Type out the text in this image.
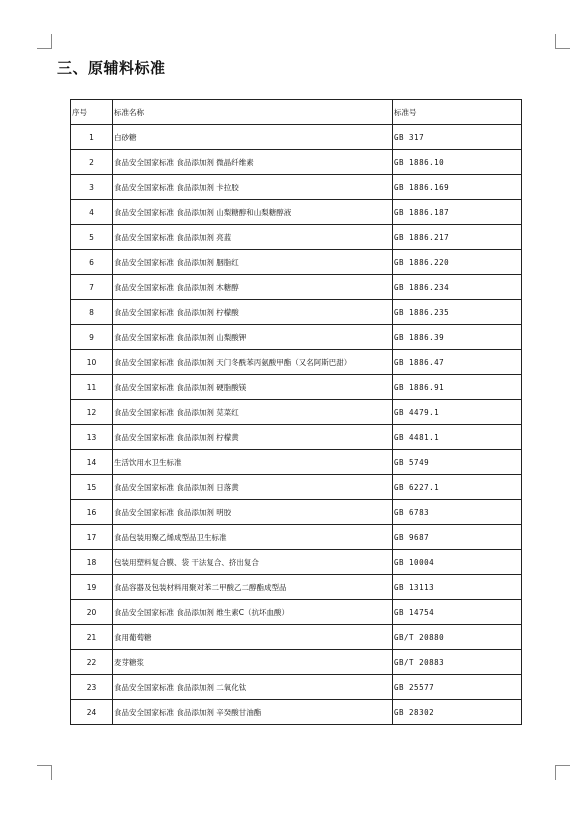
三、原辅料标准
序号	标准名称	标准号
1	白砂糖	GB 317
2	食品安全国家标准 食品添加剂 微晶纤维素	GB 1886.10
3	食品安全国家标准 食品添加剂 卡拉胶	GB 1886.169
4	食品安全国家标准 食品添加剂 山梨糖醇和山梨糖醇液	GB 1886.187
5	食品安全国家标准 食品添加剂 亮蓝	GB 1886.217
6	食品安全国家标准 食品添加剂 胭脂红	GB 1886.220
7	食品安全国家标准 食品添加剂 木糖醇	GB 1886.234
8	食品安全国家标准 食品添加剂 柠檬酸	GB 1886.235
9	食品安全国家标准 食品添加剂 山梨酸钾	GB 1886.39
10	食品安全国家标准 食品添加剂 天门冬酰苯丙氨酸甲酯（又名阿斯巴甜）	GB 1886.47
11	食品安全国家标准 食品添加剂 硬脂酸镁	GB 1886.91
12	食品安全国家标准 食品添加剂 苋菜红	GB 4479.1
13	食品安全国家标准 食品添加剂 柠檬黄	GB 4481.1
14	生活饮用水卫生标准	GB 5749
15	食品安全国家标准 食品添加剂 日落黄	GB 6227.1
16	食品安全国家标准 食品添加剂 明胶	GB 6783
17	食品包装用聚乙烯成型品卫生标准	GB 9687
18	包装用塑料复合膜、袋 干法复合、挤出复合	GB 10004
19	食品容器及包装材料用聚对苯二甲酸乙二醇酯成型品	GB 13113
20	食品安全国家标准 食品添加剂 维生素C（抗坏血酸）	GB 14754
21	食用葡萄糖	GB/T 20880
22	麦芽糖浆	GB/T 20883
23	食品安全国家标准 食品添加剂 二氧化钛	GB 25577
24	食品安全国家标准 食品添加剂 辛癸酸甘油酯	GB 28302
